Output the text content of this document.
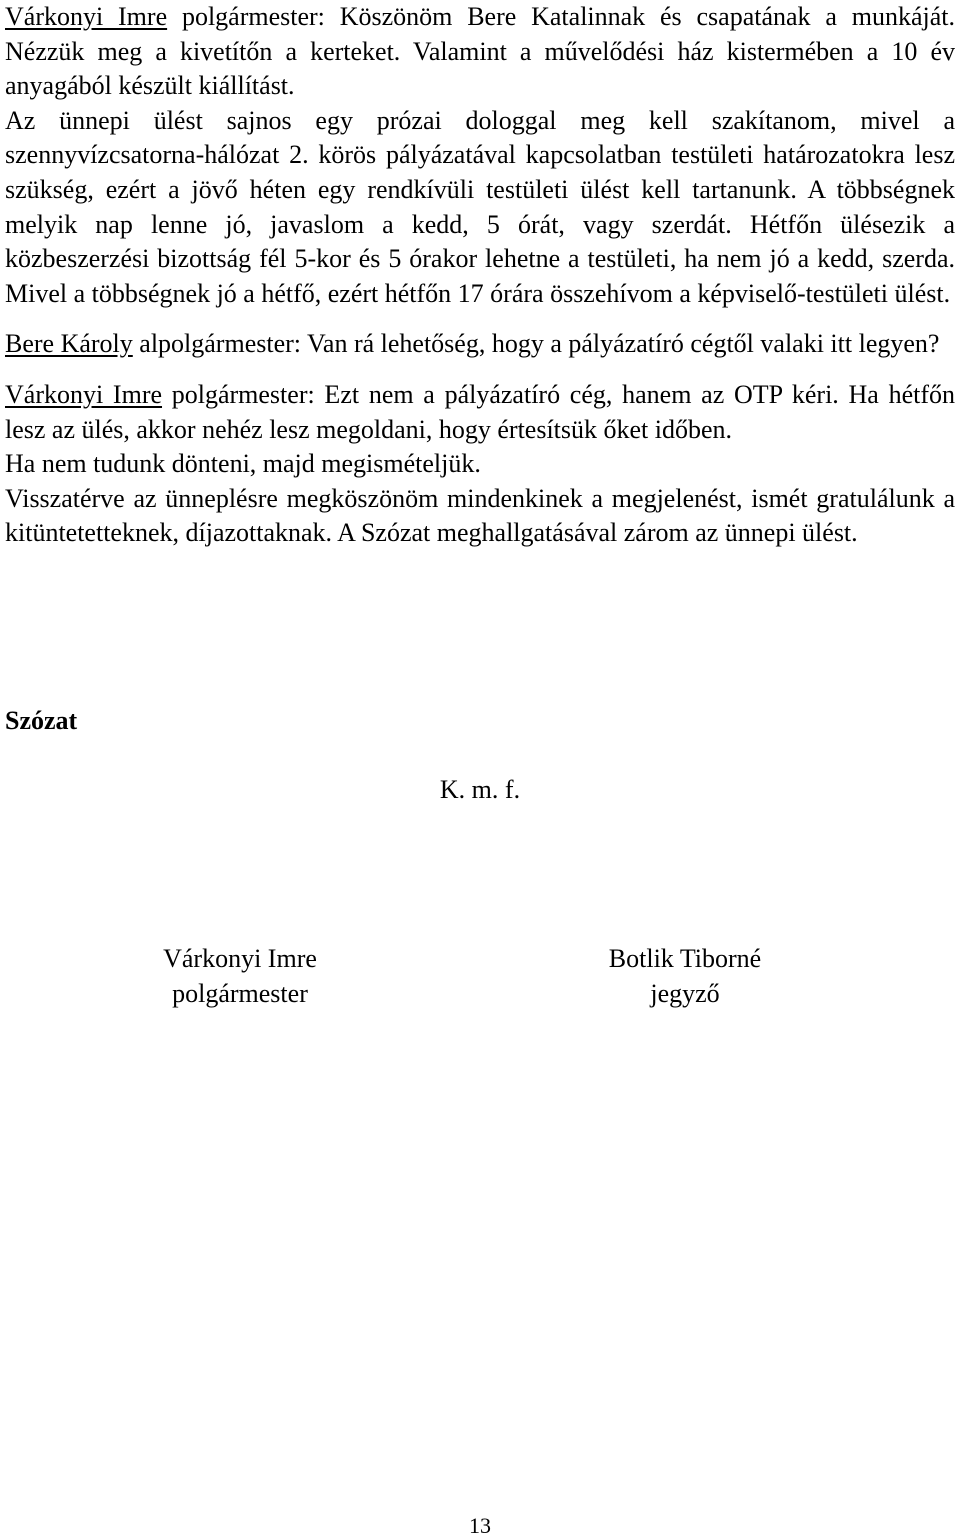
Várkonyi Imre polgármester: Köszönöm Bere Katalinnak és csapatának a munkáját. Nézzük meg a kivetítőn a kerteket. Valamint a művelődési ház kistermében a 10 év anyagából készült kiállítást.

Az ünnepi ülést sajnos egy prózai dologgal meg kell szakítanom, mivel a szennyvízcsatorna-hálózat 2. körös pályázatával kapcsolatban testületi határozatokra lesz szükség, ezért a jövő héten egy rendkívüli testületi ülést kell tartanunk. A többségnek melyik nap lenne jó, javaslom a kedd, 5 órát, vagy szerdát. Hétfőn ülésezik a közbeszerzési bizottság fél 5-kor és 5 órakor lehetne a testületi, ha nem jó a kedd, szerda. Mivel a többségnek jó a hétfő, ezért hétfőn 17 órára összehívom a képviselő-testületi ülést.

Bere Károly alpolgármester: Van rá lehetőség, hogy a pályázatíró cégtől valaki itt legyen?

Várkonyi Imre polgármester: Ezt nem a pályázatíró cég, hanem az OTP kéri. Ha hétfőn lesz az ülés, akkor nehéz lesz megoldani, hogy értesítsük őket időben.

Ha nem tudunk dönteni, majd megismételjük.

Visszatérve az ünneplésre megköszönöm mindenkinek a megjelenést, ismét gratulálunk a kitüntetetteknek, díjazottaknak. A Szózat meghallgatásával zárom az ünnepi ülést.

Szózat
K. m. f.
Várkonyi Imre
polgármester
Botlik Tiborné
jegyző
13
